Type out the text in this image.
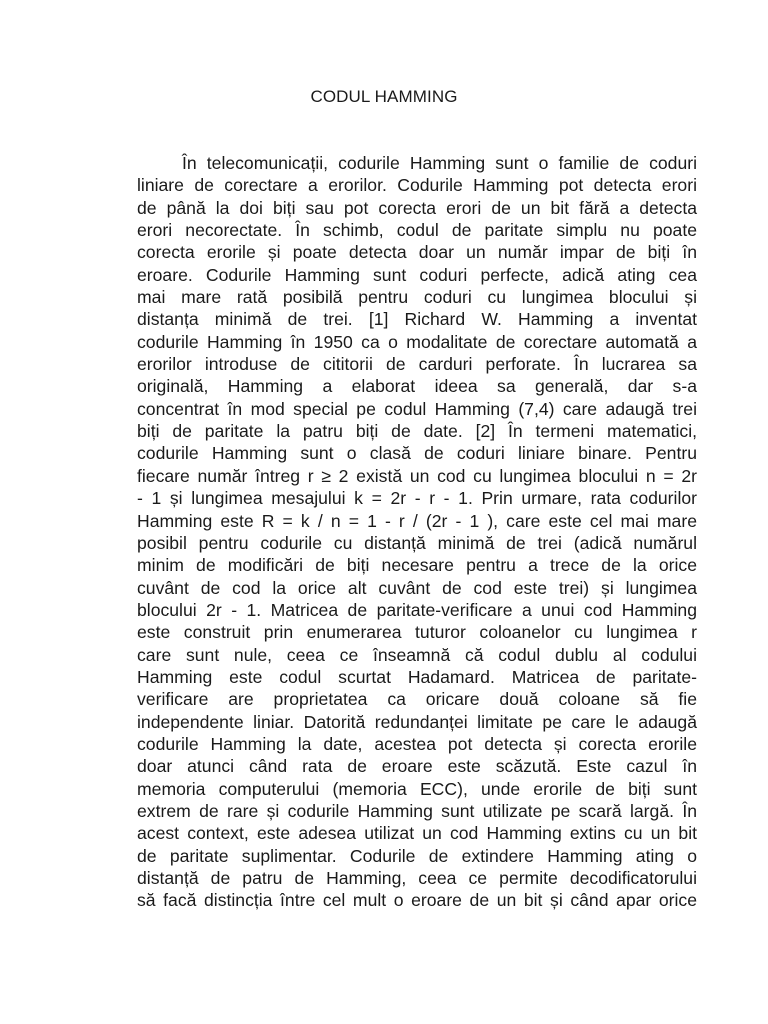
CODUL HAMMING
În telecomunicații, codurile Hamming sunt o familie de coduri
liniare de corectare a erorilor. Codurile Hamming pot detecta erori
de până la doi biți sau pot corecta erori de un bit fără a detecta
erori necorectate. În schimb, codul de paritate simplu nu poate
corecta erorile și poate detecta doar un număr impar de biți în
eroare. Codurile Hamming sunt coduri perfecte, adică ating cea
mai mare rată posibilă pentru coduri cu lungimea blocului și
distanța minimă de trei. [1] Richard W. Hamming a inventat
codurile Hamming în 1950 ca o modalitate de corectare automată a
erorilor introduse de cititorii de carduri perforate. În lucrarea sa
originală, Hamming a elaborat ideea sa generală, dar s-a
concentrat în mod special pe codul Hamming (7,4) care adaugă trei
biți de paritate la patru biți de date. [2] În termeni matematici,
codurile Hamming sunt o clasă de coduri liniare binare. Pentru
fiecare număr întreg r ≥ 2 există un cod cu lungimea blocului n = 2r
- 1 și lungimea mesajului k = 2r - r - 1. Prin urmare, rata codurilor
Hamming este R = k / n = 1 - r / (2r - 1 ), care este cel mai mare
posibil pentru codurile cu distanță minimă de trei (adică numărul
minim de modificări de biți necesare pentru a trece de la orice
cuvânt de cod la orice alt cuvânt de cod este trei) și lungimea
blocului 2r - 1. Matricea de paritate-verificare a unui cod Hamming
este construit prin enumerarea tuturor coloanelor cu lungimea r
care sunt nule, ceea ce înseamnă că codul dublu al codului
Hamming este codul scurtat Hadamard. Matricea de paritate-
verificare are proprietatea ca oricare două coloane să fie
independente liniar. Datorită redundanței limitate pe care le adaugă
codurile Hamming la date, acestea pot detecta și corecta erorile
doar atunci când rata de eroare este scăzută. Este cazul în
memoria computerului (memoria ECC), unde erorile de biți sunt
extrem de rare și codurile Hamming sunt utilizate pe scară largă. În
acest context, este adesea utilizat un cod Hamming extins cu un bit
de paritate suplimentar. Codurile de extindere Hamming ating o
distanță de patru de Hamming, ceea ce permite decodificatorului
să facă distincția între cel mult o eroare de un bit și când apar orice
